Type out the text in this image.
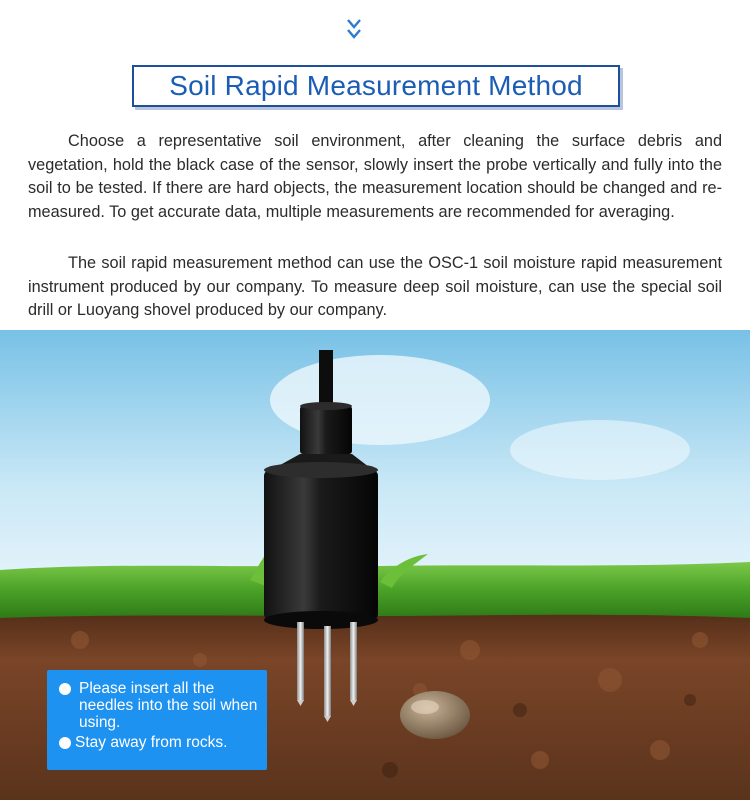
Soil Rapid Measurement Method

Choose a representative soil environment, after cleaning the surface debris and vegetation, hold the black case of the sensor, slowly insert the probe vertically and fully into the soil to be tested. If there are hard objects, the measurement location should be changed and re-measured. To get accurate data, multiple measurements are recommended for averaging.

The soil rapid measurement method can use the OSC-1 soil moisture rapid measurement instrument produced by our company. To measure deep soil moisture, can use the special soil drill or Luoyang shovel produced by our company.

Please insert all the needles into the soil when using.
Stay away from rocks.
